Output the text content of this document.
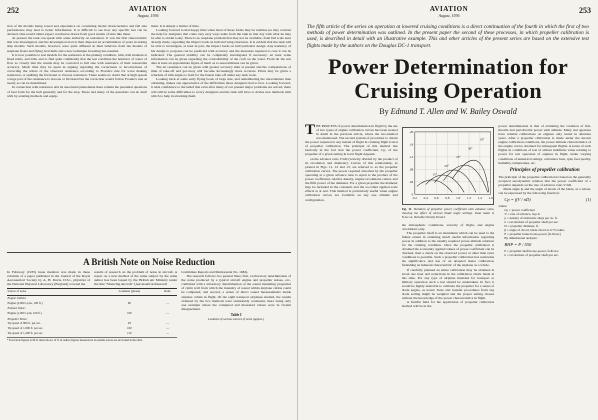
252	AVIATION
August, 1936

tion of the models being towed and experience on correlating model characteristics and full size performance may lead to better information. It is difficult to see how any specific test can be devised. One would rather expect conclusive drawn from good results of tests like these.

At present the tank can speak with some authority on resistance. It was the first characteristic that was investigated, and the investigators had at their disposal an accumulation of years in testing ship models. Such models, however, were quite different in their behavior from the models of seaplane floats and flying boat hulls and a new technique in testing has resulted.

It is now possible to test models for the resistance at the planing condition, trim, trim moment at fixed trims, and trim, and to find quite confidently that the test condition the behavior of water of flow so closely that the results may be corrected to full size with assurance of their reasonable accuracy. Much time may be spent in arguing regarding the correctness or incorrectness of correcting the whole of the observed resistance according to Froude's rule for wave making resistance, or splitting the frictional or viscous resistance. There seems no doubt that at high speeds a large part of the resistance is viscous or frictional but the correction would follow Froude's rule as nearly as can be determined.

In connection with resistance and its associated phenomena there remain the perennial questions of best form for the hull generally and for the step. These and many of the questions can be dealt with by existing methods and equip-

ment. It is simply a matter of time.

Looking forward to that happy time when most of these forms may be realities we may contrast the help for designers that come very easy ways aside from the tank in that day with what he may be able to obtain today. There is no seaplane problem that may not be available, from full scale tests already made, regarding the impact loads on hull and wing structures. It is evident that the tank will be able to investigate, at least in part, the impact loads on hull particular design. Any tendency of his design to porpoise can be predicted with accuracy and the measures required to cure it can be indicated. The general stability can be completely investigated if necessary. At least some information can be given regarding the controllability of the craft on the water. From all the test data at least an approximate figure of merit as to seaworthiness can be given.

The air resistance can be given with greater accuracy than at present and the computations of time of take-off and get-away will become increasingly more accurate. Pilots may be given a schedule of trim angles to hold for the fastest take-off under any tank work.

Looking back at some early flying boats of large size, and remembering the uncertainties then obtaining, makes one appreciative of the difficulties those designers had to face. Looking forward, it adds confidence to the belief that even after many of our present major problems are solved, there will still be some difficulties to worry designers and the tank will have to devise new methods with which to help in attacking them.

A British Note on Noise Reduction

In February (1935) issue mention was made in these columns of a paper published in the Journal of the Royal Aeronautical Society by A. H. Davis, D.Sc., physicist of the National Physical Laboratory (England) covered the

results of research on the problem of noise in aircraft. A report on a new method of the same subject by the same author has been issued by the British Air Ministry under the title "Silencing Aircraft" (Aeronautical Research

Source of noise	Loudness (phons)	Ratio
Engine Outlets:		
Engine (2,000 r.p.m., 100 ft.)	90	—
Exhaust Noise:		
Engine (1,000 r.p.m. 100 ft.)	100	—
Propeller Noise:		
Tip speed of 800 ft. per sec.	93	—
Tip speed of 1,000 ft. per sec.	100	—
Tip speed of 1,200 ft. per sec.	110	—

* Test block figures at 90 ft. intervals are 12 ft. in radius; figures measured at an outside source are not found in the table.

Committee Reports and Memoranda No. 1682).

The research follows two general lines; first, a laboratory determination of the noise produced by a typical aircraft engine and propeller noises, etc., combined with a laboratory determination of the sound insulating properties of cabin wall from which the intensity of sound within airplane cabins could be computed; and second, a series of direct sound measurements inside airplane cabins in flight. Of the eight transport airplanes studied, the results obtained by the two methods were remarkably consistent, there being only one example where the computed and measured values were in violent disagreement.

Table I

Loudness of various sources of noise (approx.)

AVIATION
August, 1936
253

The fifth article of the series on operation at lowered cruising conditions is a direct continuation of the fourth in which the first of two methods of power determination was outlined. In the present paper the second of these processes, in which propeller calibration is used, is described in detail with an illustrative example. This and other articles of the present series are based on the extensive test flights made by the authors on the Douglas DC-1 transport.

Power Determination for
Cruising Operation

By Edmund T. Allen and W. Bailey Oswald

T HE PROCESS of power determination in flight by the use of two types of engine calibration curves has been treated in detail in the previous article, where the two-method was mentioned. The second system of procedure to obtain the power required at any instant of flight in cruising flight is that of propeller calibration. The principle of this method lies basically in the fact that the power coefficient, Cp, of the propeller of a given setting in level flight depends

on the advance ratio V/nD (velocity divided by the product of its revolution and diameter). Curves of this relationship, as plotted in Figs. 11, 12 and 13, are referred to as the propeller calibration curves. The power required absorbed by the propeller operating at a given advance ratio is equal to the product of the power coefficient, relative density, engine revolutions cubed, and the fifth power of the diameter. For a given propeller the diameter may be included in the constants and the so-called applied scale effects is at rest. This method is particularly useful when engine calibration curves are available on any one altitude and configuration.	0.2 0.4 0.6 0.8 1.0 1.2 1.4 1.6
.20
.16
.12
.08
.04
0
15°
20°
25°
30°
35°

Fig. 11. Variation of propeller power coefficient with advance ratio, showing the effect of various blade angle settings. Data taken in N.A.C.A. Variable Density Tunnel.

the atmospheric conditions, velocity of flight, and engine revolutions only.

The propeller itself is an instrument which can be used to the fullest extent in obtaining much useful information regarding power in addition to the usually required power-altitude relations for the cruising condition. Once the propeller calibration is obtained the accurately applied values of power coefficient can be checked, then a check on the observed power at other than rated conditions is possible. Such a propeller calibration has somewhat the significance and use of an airspeed meter calibration, furnishing an inherent characteristic of the airplane as a whole.

If carefully planned an entire calibration may be obtained in about one hour and reductions in the calibration charts made in this time. For any type of airplane intended for transport or military operation such a test should be undertaken. In fact, it would be highly desirable to calibrate the propeller for a series of blade angles, as noted. Tests and transfer procedures from any blade setting might be weighed and the proper setting chosen without the knowledge of the power characteristics in flight.

A fruitful field for the application of propeller calibration method will be in the

power determination is that of obtaining the variation of full-throttle and part-throttle power with altitude. Many test agencies have reliable calibrations on engines only tested in alternate years. After a propeller calibration is made under the known engine calibration conditions, the power altitude characteristics of the engine can be obtained for subsequent flights. A series of such flights in conditions of test of almost indefinite value relating to power for test operation of engines in flight, under varying conditions of numerical ratings, carburetor heat, rpm, fuel quality, humidity, temperature, etc.

Principles of propeller calibration

The principle of the propeller calibration is based on the generally accepted aerodynamic relation that the power coefficient of a propeller depends on the rate of advance ratio V/nD.

Made angle β, and the angle of attack of the blade, as a whole, can be expressed by the following function:

Cp = f(V / nD)	(1)

where

Cp = power coefficient
V = rate of advance, m.p.h.
ρ = density of airstream, slugs per cu. ft.
n = revolutions of propeller shaft per sec.
D = propeller diameter, ft.
β = angle of chord, blade chord at 0.75 radius
P = propeller brake horse-power (ft-lb/sec)
By dimensional analysis:

BHP = P / 550

P = propeller shaft horse-power, ft-lb/sec.
n = revolutions of propeller shaft per sec.
